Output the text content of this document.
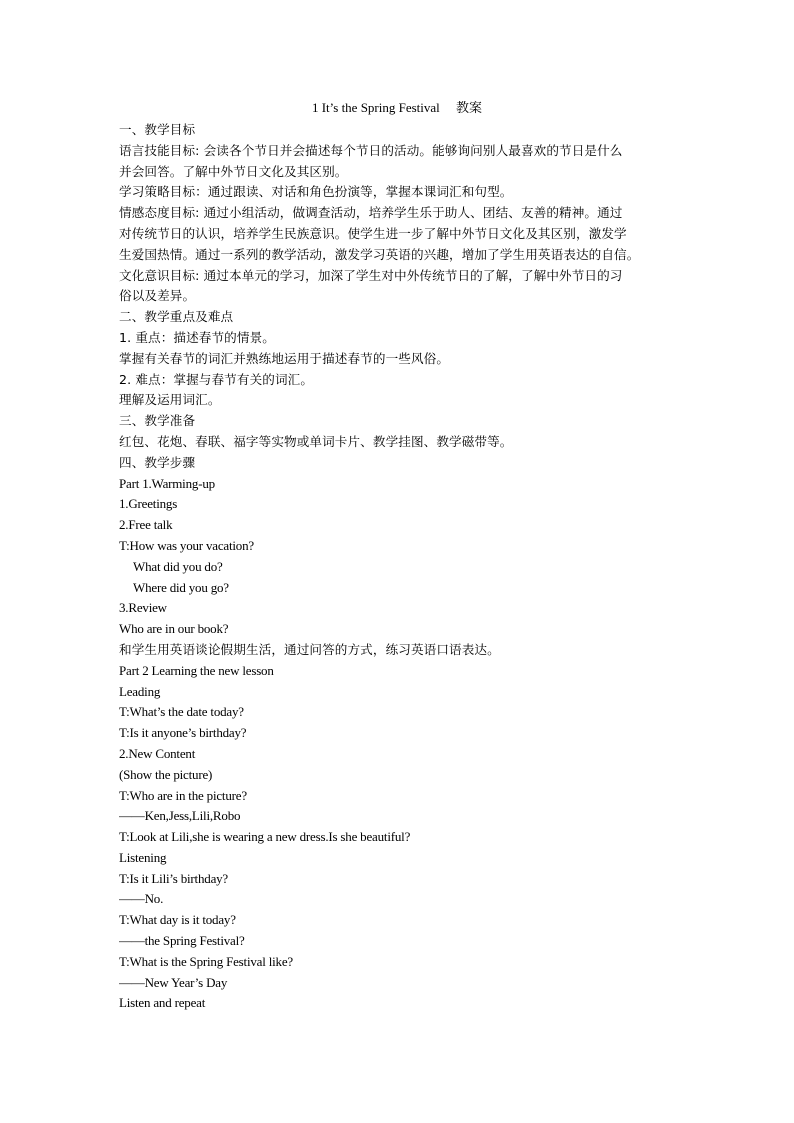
1 It’s the Spring Festival     教案

一、教学目标

语言技能目标: 会读各个节日并会描述每个节日的活动。能够询问别人最喜欢的节日是什么

并会回答。了解中外节日文化及其区别。

学习策略目标：通过跟读、对话和角色扮演等，掌握本课词汇和句型。

情感态度目标: 通过小组活动，做调查活动，培养学生乐于助人、团结、友善的精神。通过

对传统节日的认识，培养学生民族意识。使学生进一步了解中外节日文化及其区别，激发学

生爱国热情。通过一系列的教学活动，激发学习英语的兴趣，增加了学生用英语表达的自信。

文化意识目标: 通过本单元的学习，加深了学生对中外传统节日的了解，了解中外节日的习

俗以及差异。

二、教学重点及难点

1. 重点：描述春节的情景。

掌握有关春节的词汇并熟练地运用于描述春节的一些风俗。

2. 难点：掌握与春节有关的词汇。

理解及运用词汇。

三、教学准备

红包、花炮、春联、福字等实物或单词卡片、教学挂图、教学磁带等。

四、教学步骤

Part 1.Warming-up

1.Greetings

2.Free talk

T:How was your vacation?

What did you do?

Where did you go?

3.Review

Who are in our book?

和学生用英语谈论假期生活，通过问答的方式，练习英语口语表达。

Part 2 Learning the new lesson

Leading

T:What’s the date today?

T:Is it anyone’s birthday?

2.New Content

(Show the picture)

T:Who are in the picture?

——Ken,Jess,Lili,Robo

T:Look at Lili,she is wearing a new dress.Is she beautiful?

Listening

T:Is it Lili’s birthday?

——No.

T:What day is it today?

——the Spring Festival?

T:What is the Spring Festival like?

——New Year’s Day

Listen and repeat
